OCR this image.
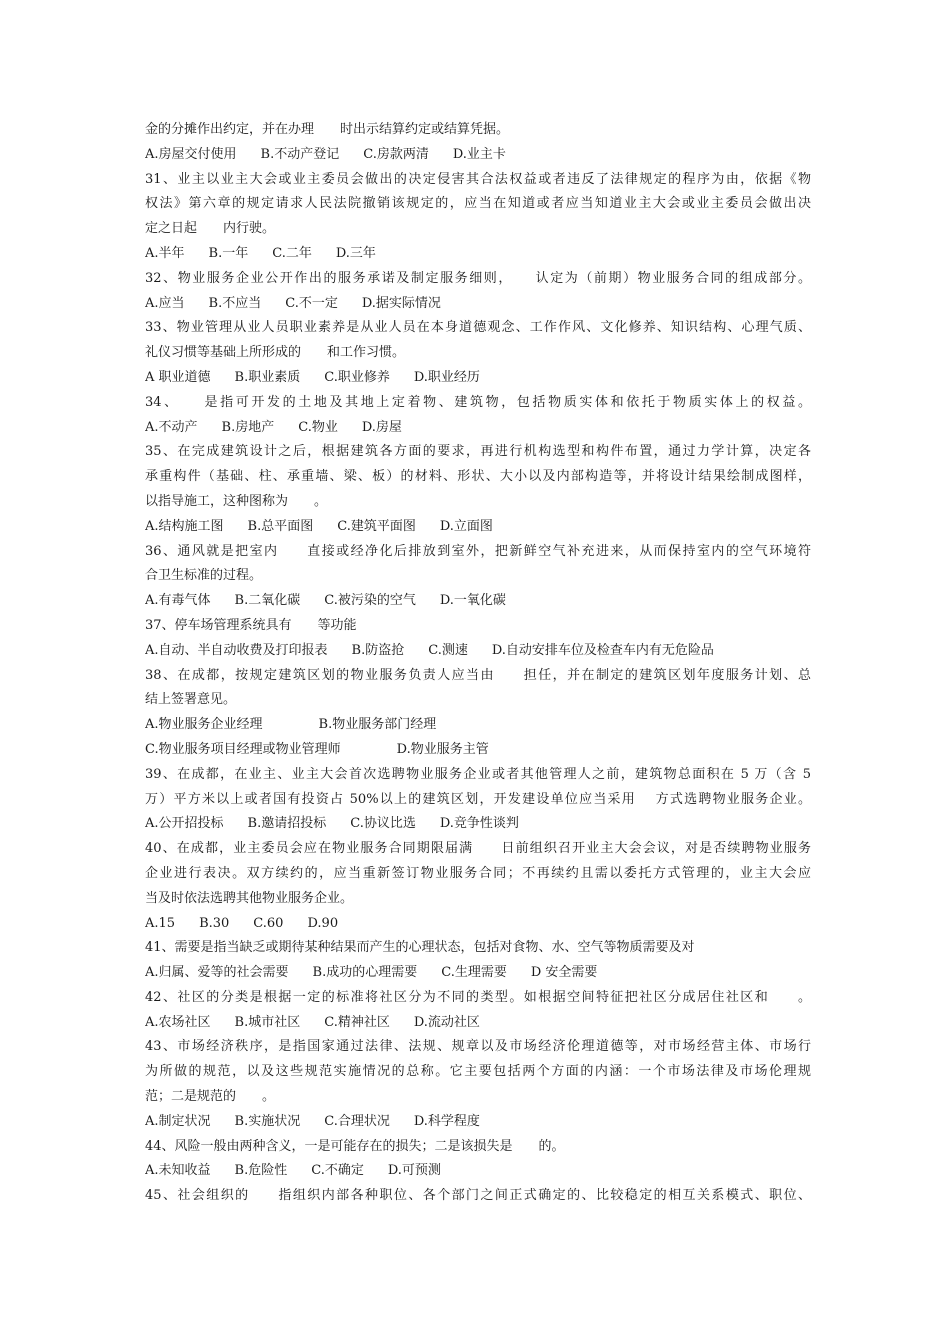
金的分摊作出约定，并在办理　　时出示结算约定或结算凭据。
A.房屋交付使用 B.不动产登记 C.房款两清 D.业主卡
31、业主以业主大会或业主委员会做出的决定侵害其合法权益或者违反了法律规定的程序为由，依据《物
权法》第六章的规定请求人民法院撤销该规定的，应当在知道或者应当知道业主大会或业主委员会做出决
定之日起　　内行驶。
A.半年 B.一年 C.二年 D.三年
32、物业服务企业公开作出的服务承诺及制定服务细则，　　认定为（前期）物业服务合同的组成部分。
A.应当 B.不应当 C.不一定 D.据实际情况
33、物业管理从业人员职业素养是从业人员在本身道德观念、工作作风、文化修养、知识结构、心理气质、
礼仪习惯等基础上所形成的　　和工作习惯。
A 职业道德 B.职业素质 C.职业修养 D.职业经历
34、　　是指可开发的土地及其地上定着物、建筑物，包括物质实体和依托于物质实体上的权益。
A.不动产 B.房地产 C.物业 D.房屋
35、在完成建筑设计之后，根据建筑各方面的要求，再进行机构选型和构件布置，通过力学计算，决定各
承重构件（基础、柱、承重墙、梁、板）的材料、形状、大小以及内部构造等，并将设计结果绘制成图样，
以指导施工，这种图称为　　。
A.结构施工图 B.总平面图 C.建筑平面图 D.立面图
36、通风就是把室内　　直接或经净化后排放到室外，把新鲜空气补充进来，从而保持室内的空气环境符
合卫生标准的过程。
A.有毒气体 B.二氧化碳 C.被污染的空气 D.一氧化碳
37、停车场管理系统具有　　等功能
A.自动、半自动收费及打印报表 B.防盗抢 C.测速 D.自动安排车位及检查车内有无危险品
38、在成都，按规定建筑区划的物业服务负责人应当由　　担任，并在制定的建筑区划年度服务计划、总
结上签署意见。
A.物业服务企业经理	B.物业服务部门经理
C.物业服务项目经理或物业管理师	D.物业服务主管
39、在成都，在业主、业主大会首次选聘物业服务企业或者其他管理人之前，建筑物总面积在 5 万（含 5
万）平方米以上或者国有投资占 50%以上的建筑区划，开发建设单位应当采用　 方式选聘物业服务企业。
A.公开招投标 B.邀请招投标 C.协议比选 D.竞争性谈判
40、在成都，业主委员会应在物业服务合同期限届满　　日前组织召开业主大会会议，对是否续聘物业服务
企业进行表决。双方续约的，应当重新签订物业服务合同；不再续约且需以委托方式管理的，业主大会应
当及时依法选聘其他物业服务企业。
A.15 B.30 C.60 D.90
41、需要是指当缺乏或期待某种结果而产生的心理状态，包括对食物、水、空气等物质需要及对
A.归属、爱等的社会需要 B.成功的心理需要 C.生理需要 D 安全需要
42、社区的分类是根据一定的标准将社区分为不同的类型。如根据空间特征把社区分成居住社区和　　。
A.农场社区 B.城市社区 C.精神社区 D.流动社区
43、市场经济秩序，是指国家通过法律、法规、规章以及市场经济伦理道德等，对市场经营主体、市场行
为所做的规范，以及这些规范实施情况的总称。它主要包括两个方面的内涵：一个市场法律及市场伦理规
范；二是规范的　　。
A.制定状况 B.实施状况 C.合理状况 D.科学程度
44、风险一般由两种含义，一是可能存在的损失；二是该损失是　　的。
A.未知收益 B.危险性 C.不确定 D.可预测
45、社会组织的　　指组织内部各种职位、各个部门之间正式确定的、比较稳定的相互关系模式、职位、
